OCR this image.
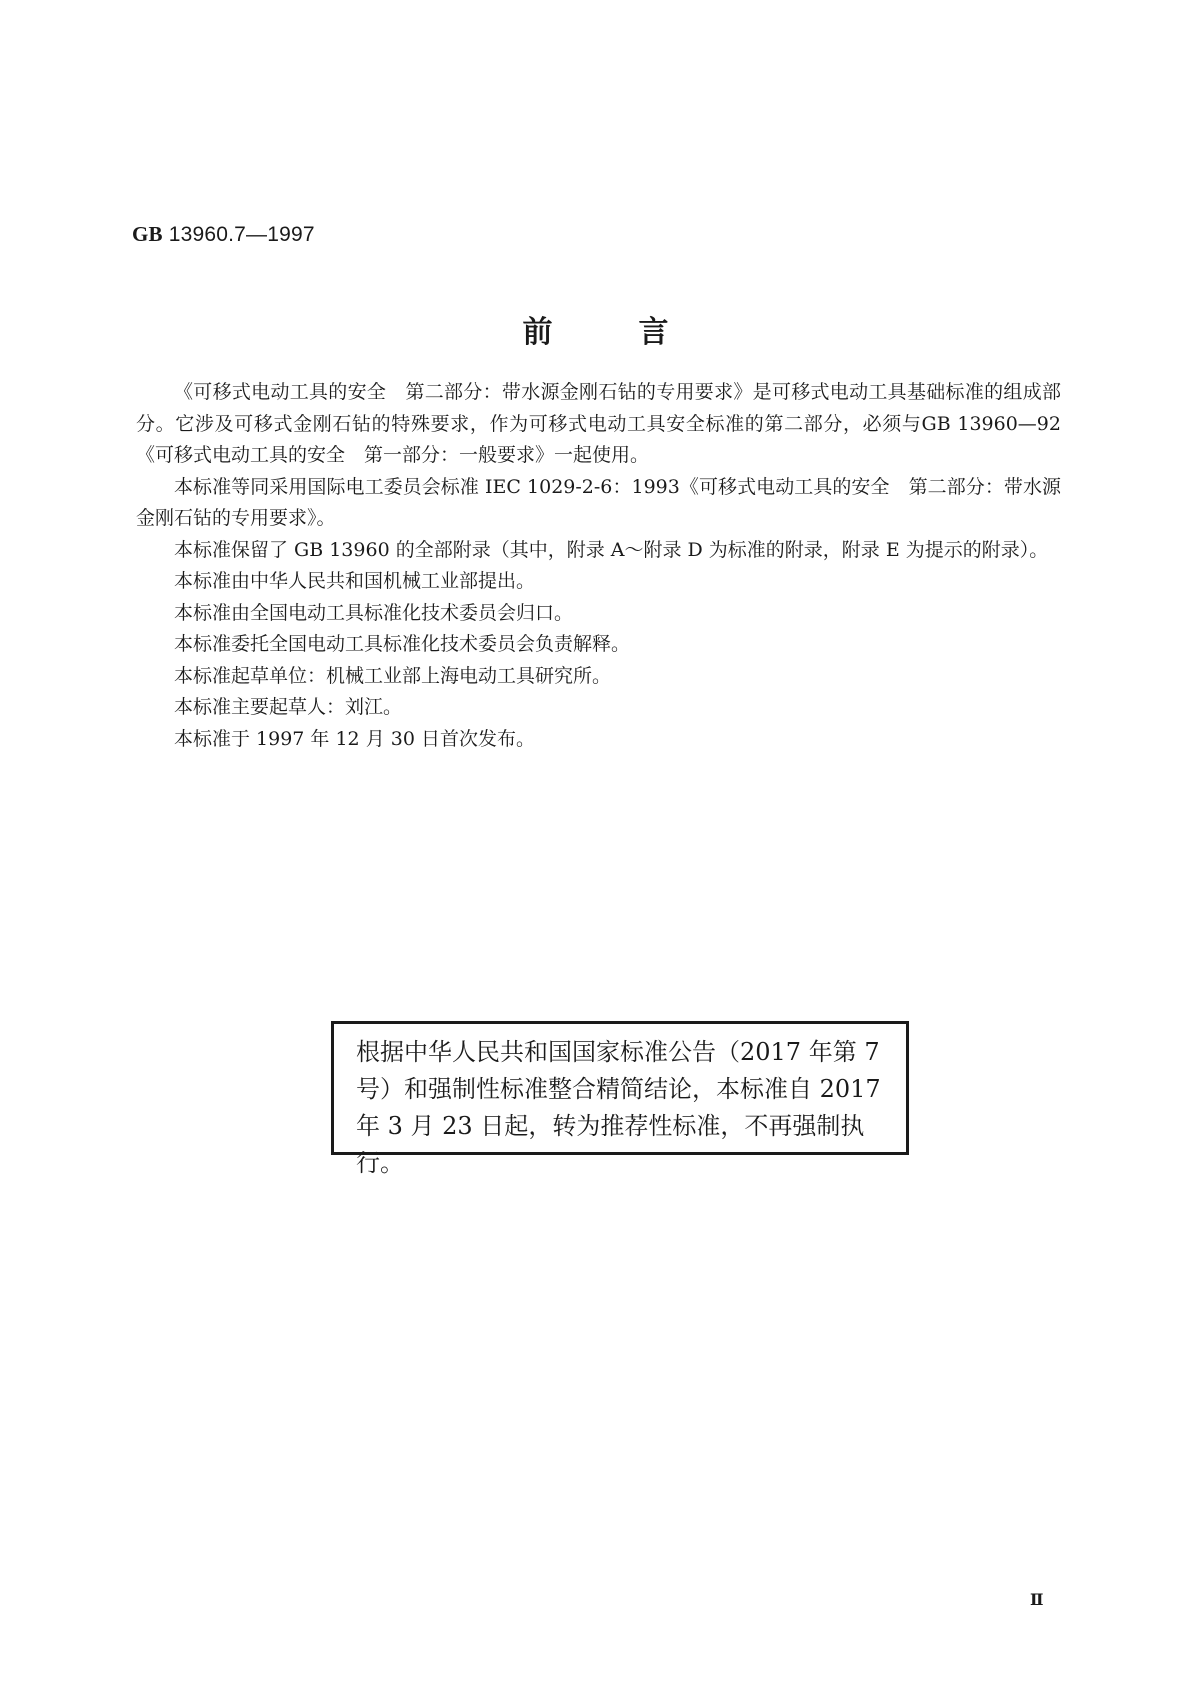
GB 13960.7—1997
前言

《可移式电动工具的安全　第二部分：带水源金刚石钻的专用要求》是可移式电动工具基础标准的组成部分。它涉及可移式金刚石钻的特殊要求，作为可移式电动工具安全标准的第二部分，必须与GB 13960—92《可移式电动工具的安全　第一部分：一般要求》一起使用。

本标准等同采用国际电工委员会标准 IEC 1029-2-6：1993《可移式电动工具的安全　第二部分：带水源金刚石钻的专用要求》。

本标准保留了 GB 13960 的全部附录（其中，附录 A～附录 D 为标准的附录，附录 E 为提示的附录）。

本标准由中华人民共和国机械工业部提出。

本标准由全国电动工具标准化技术委员会归口。

本标准委托全国电动工具标准化技术委员会负责解释。

本标准起草单位：机械工业部上海电动工具研究所。

本标准主要起草人：刘江。

本标准于 1997 年 12 月 30 日首次发布。

根据中华人民共和国国家标准公告（2017 年第 7 号）和强制性标准整合精简结论，本标准自 2017 年 3 月 23 日起，转为推荐性标准，不再强制执行。
Ⅱ
